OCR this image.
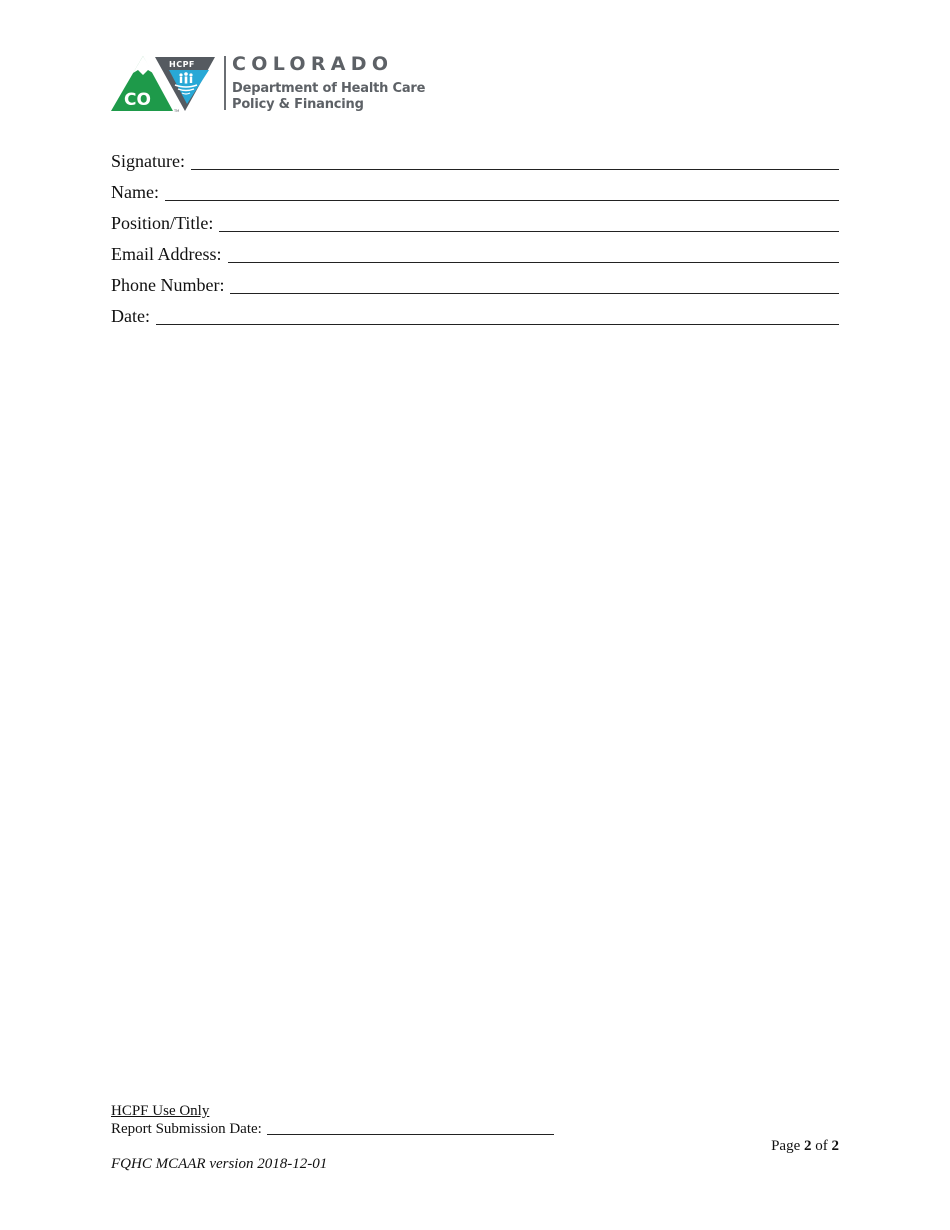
CO
HCPF
TM
COLORADO
Department of Health Care
Policy & Financing
Signature:
Name:
Position/Title:
Email Address:
Phone Number:
Date:
HCPF Use Only
Report Submission Date:
Page 2 of 2
FQHC MCAAR version 2018-12-01
